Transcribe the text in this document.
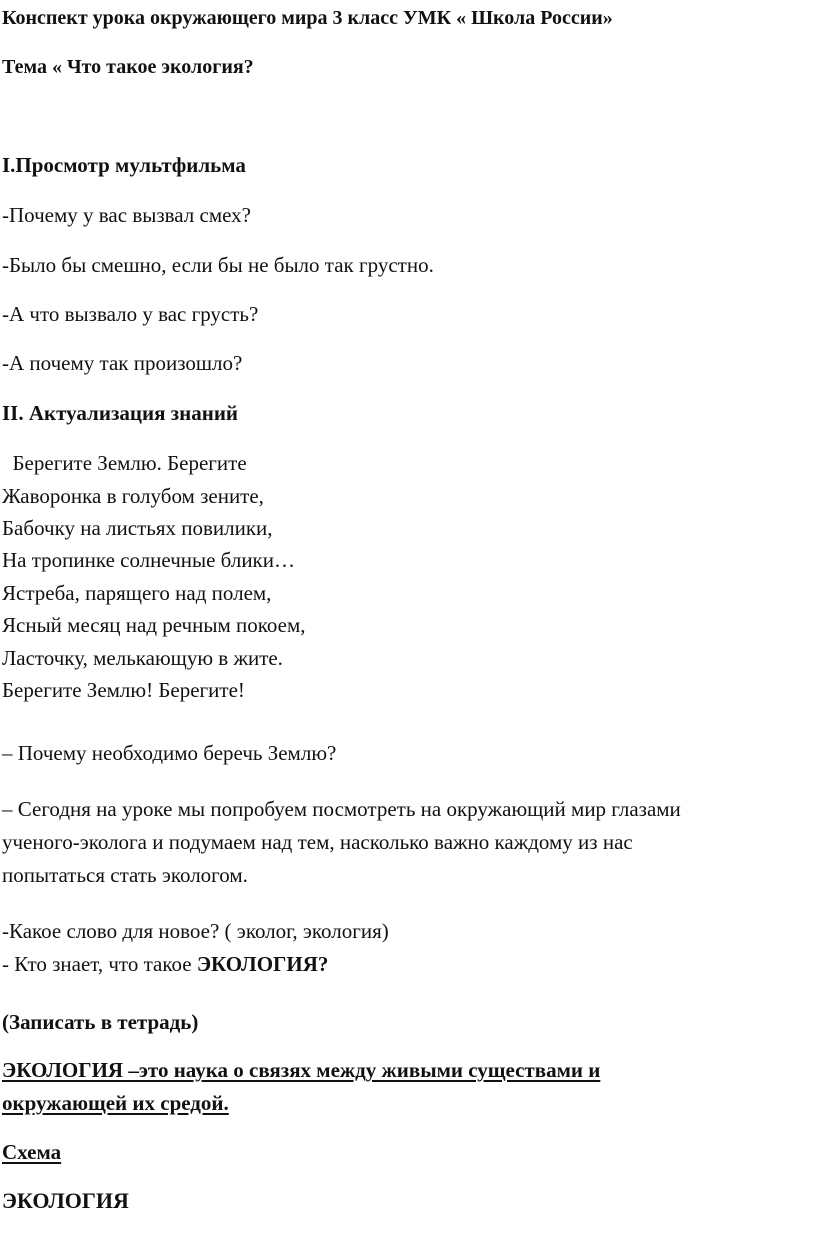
Конспект урока окружающего мира 3 класс УМК « Школа России»
Тема « Что такое экология?
I.Просмотр мультфильма
-Почему у вас вызвал смех?
-Было бы смешно, если бы не было так грустно.
-А что вызвало у вас грусть?
-А почему так произошло?
II. Актуализация знаний
Берегите Землю. Берегите
Жаворонка в голубом зените,
Бабочку на листьях повилики,
На тропинке солнечные блики…
Ястреба, парящего над полем,
Ясный месяц над речным покоем,
Ласточку, мелькающую в жите.
Берегите Землю! Берегите!
– Почему необходимо беречь Землю?
– Сегодня на уроке мы попробуем посмотреть на окружающий мир глазами
ученого-эколога и подумаем над тем, насколько важно каждому из нас
попытаться стать экологом.
-Какое слово для новое? ( эколог, экология)
- Кто знает, что такое ЭКОЛОГИЯ?
(Записать в тетрадь)
ЭКОЛОГИЯ –это наука о связях между живыми существами и
окружающей их средой.
Схема
ЭКОЛОГИЯ
